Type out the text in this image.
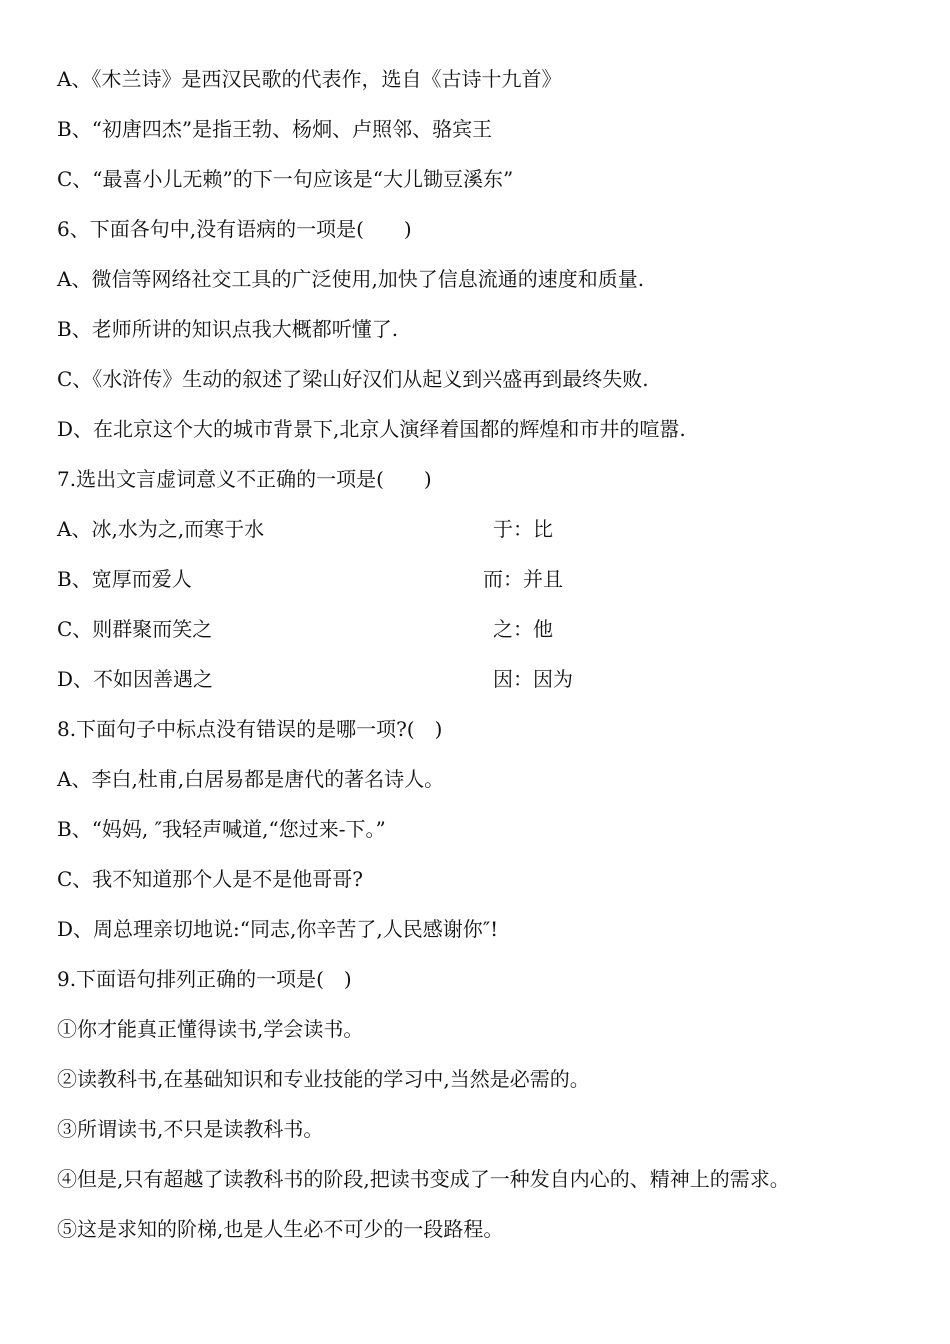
A、《木兰诗》是西汉民歌的代表作，选自《古诗十九首》
B、“初唐四杰”是指王勃、杨炯、卢照邻、骆宾王
C、“最喜小儿无赖”的下一句应该是“大儿锄豆溪东”
6、下面各句中,没有语病的一项是(　　)
A、微信等网络社交工具的广泛使用,加快了信息流通的速度和质量.
B、老师所讲的知识点我大概都听懂了.
C、《水浒传》生动的叙述了梁山好汉们从起义到兴盛再到最终失败.
D、在北京这个大的城市背景下,北京人演绎着国都的辉煌和市井的喧嚣.
7.选出文言虚词意义不正确的一项是(　　)
A、冰,水为之,而寒于水	于：比
B、宽厚而爱人	而：并且
C、则群聚而笑之	之：他
D、不如因善遇之	因：因为
8.下面句子中标点没有错误的是哪一项?(　)
A、李白,杜甫,白居易都是唐代的著名诗人。
B、“妈妈, ″我轻声喊道,“您过来-下。”
C、我不知道那个人是不是他哥哥?
D、周总理亲切地说:“同志,你辛苦了,人民感谢你″!
9.下面语句排列正确的一项是(　)
①你才能真正懂得读书,学会读书。
②读教科书,在基础知识和专业技能的学习中,当然是必需的。
③所谓读书,不只是读教科书。
④但是,只有超越了读教科书的阶段,把读书变成了一种发自内心的、精神上的需求。
⑤这是求知的阶梯,也是人生必不可少的一段路程。
